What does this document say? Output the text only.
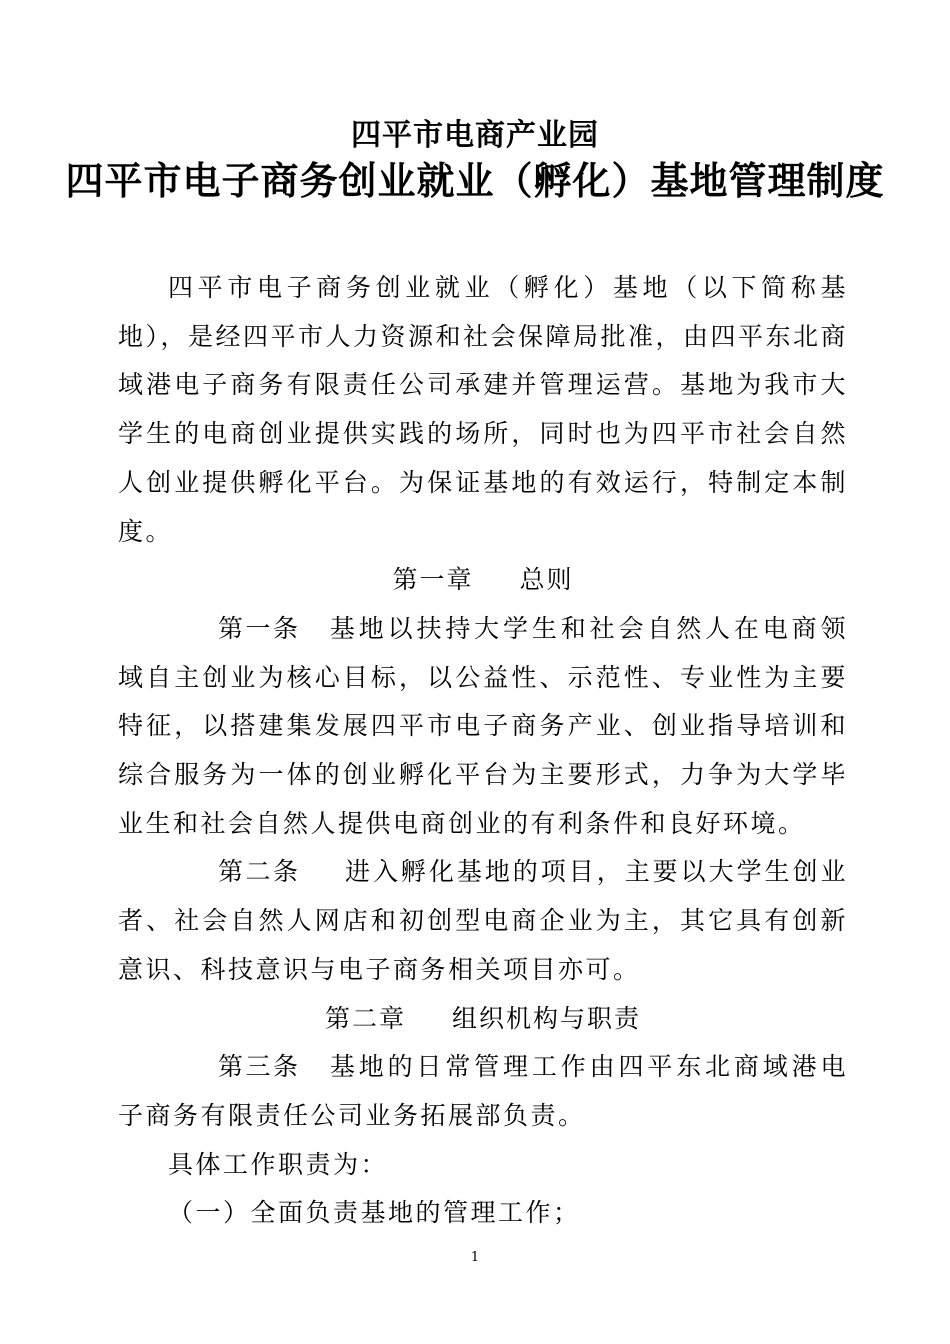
四平市电商产业园
四平市电子商务创业就业（孵化）基地管理制度

四平市电子商务创业就业（孵化）基地（以下简称基地），是经四平市人力资源和社会保障局批准，由四平东北商域港电子商务有限责任公司承建并管理运营。基地为我市大学生的电商创业提供实践的场所，同时也为四平市社会自然人创业提供孵化平台。为保证基地的有效运行，特制定本制度。

第一章 总则

第一条 基地以扶持大学生和社会自然人在电商领域自主创业为核心目标，以公益性、示范性、专业性为主要特征，以搭建集发展四平市电子商务产业、创业指导培训和综合服务为一体的创业孵化平台为主要形式，力争为大学毕业生和社会自然人提供电商创业的有利条件和良好环境。

第二条 进入孵化基地的项目，主要以大学生创业者、社会自然人网店和初创型电商企业为主，其它具有创新意识、科技意识与电子商务相关项目亦可。

第二章 组织机构与职责

第三条 基地的日常管理工作由四平东北商域港电子商务有限责任公司业务拓展部负责。

具体工作职责为：

（一）全面负责基地的管理工作；

1
